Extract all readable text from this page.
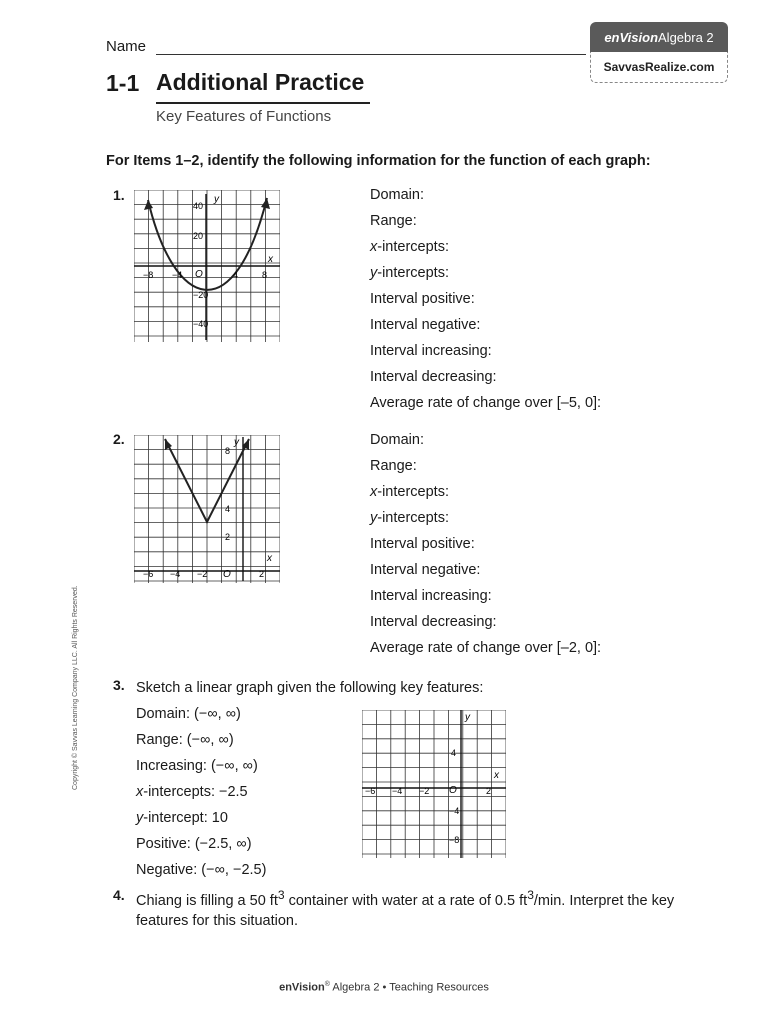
Name
enVision Algebra 2
SavvasRealize.com
1-1 Additional Practice
Key Features of Functions
For Items 1–2, identify the following information for the function of each graph:
1.	y
x
O
−8 −4	4	8
40
20
−20
−40
Domain:
Range:
x-intercepts:
y-intercepts:
Interval positive:
Interval negative:
Interval increasing:
Interval decreasing:
Average rate of change over [–5, 0]:
2.	y
x
O
−6 −4 −2	2
8
4
2
Domain:
Range:
x-intercepts:
y-intercepts:
Interval positive:
Interval negative:
Interval increasing:
Interval decreasing:
Average rate of change over [–2, 0]:
Copyright © Savvas Learning Company LLC. All Rights Reserved. 3. Sketch a linear graph given the following key features:
Domain: (−∞, ∞)
Range: (−∞, ∞)
Increasing: (−∞, ∞)
x-intercepts: −2.5
y-intercept: 10
Positive: (−2.5, ∞)
Negative: (−∞, −2.5)
y
x
O
−6 −4 −2	2
4
−4
−8
4. Chiang is filling a 50 $ft^3$ container with water at a rate of 0.5 $ft^3/\min$. Interpret the key features for this situation.
enVision® Algebra 2 • Teaching Resources
